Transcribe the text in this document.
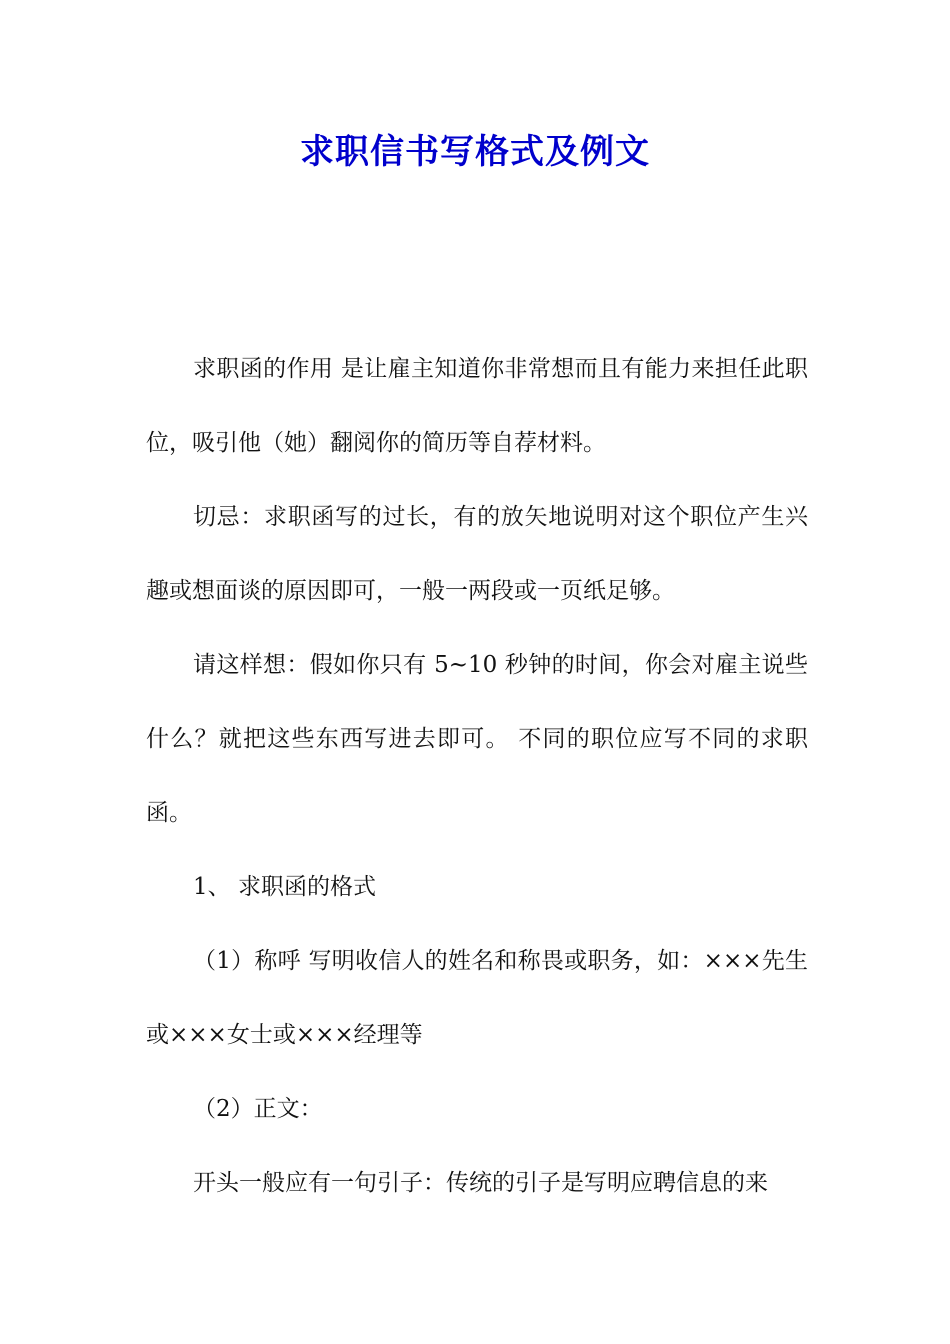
求职信书写格式及例文

求职函的作用 是让雇主知道你非常想而且有能力来担任此职位，吸引他（她）翻阅你的简历等自荐材料。

切忌：求职函写的过长，有的放矢地说明对这个职位产生兴趣或想面谈的原因即可，一般一两段或一页纸足够。

请这样想：假如你只有 5~10 秒钟的时间，你会对雇主说些什么？就把这些东西写进去即可。 不同的职位应写不同的求职函。

1、 求职函的格式

（1）称呼 写明收信人的姓名和称畏或职务，如：×××先生或×××女士或×××经理等

（2）正文：

开头一般应有一句引子：传统的引子是写明应聘信息的来
